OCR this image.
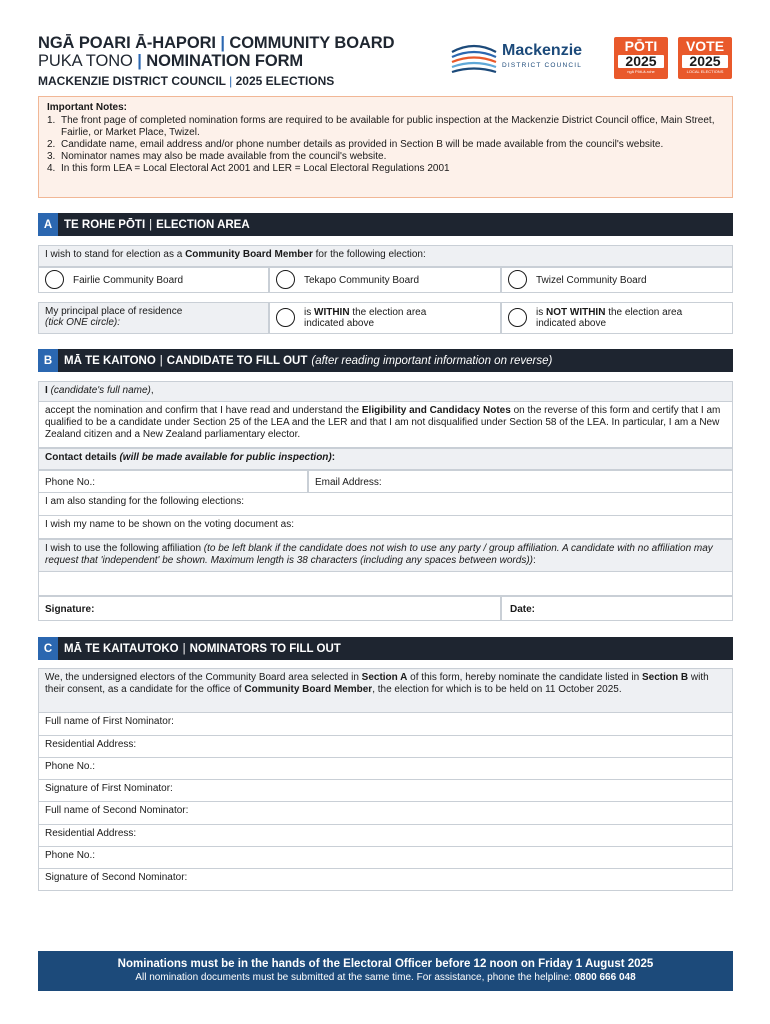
NGĀ POARI Ā-HAPORI | COMMUNITY BOARD
PUKA TONO | NOMINATION FORM
MACKENZIE DISTRICT COUNCIL | 2025 ELECTIONS
Mackenzie
DISTRICT COUNCIL
PŌTI
2025
ngā Pōti-ā-rohe
VOTE
2025
LOCAL ELECTIONS
Important Notes:
1. The front page of completed nomination forms are required to be available for public inspection at the Mackenzie District Council office, Main Street, Fairlie, or Market Place, Twizel.
2. Candidate name, email address and/or phone number details as provided in Section B will be made available from the council's website.
3. Nominator names may also be made available from the council's website.
4. In this form LEA = Local Electoral Act 2001 and LER = Local Electoral Regulations 2001
A	TE ROHE PŌTI | ELECTION AREA
I wish to stand for election as a Community Board Member for the following election:
Fairlie Community Board	Tekapo Community Board	Twizel Community Board
My principal place of residence
(tick ONE circle):
is WITHIN the election area
indicated above
is NOT WITHIN the election area
indicated above
B	MĀ TE KAITONO | CANDIDATE TO FILL OUT (after reading important information on reverse)
I (candidate's full name),
accept the nomination and confirm that I have read and understand the Eligibility and Candidacy Notes on the reverse of this form and certify that I am qualified to be a candidate under Section 25 of the LEA and the LER and that I am not disqualified under Section 58 of the LEA. In particular, I am a New Zealand citizen and a New Zealand parliamentary elector.
Contact details (will be made available for public inspection):
Phone No.:	Email Address:
I am also standing for the following elections:
I wish my name to be shown on the voting document as:
I wish to use the following affiliation (to be left blank if the candidate does not wish to use any party / group affiliation. A candidate with no affiliation may request that 'independent' be shown. Maximum length is 38 characters (including any spaces between words)):
Signature:	Date:
C	MĀ TE KAITAUTOKO | NOMINATORS TO FILL OUT
We, the undersigned electors of the Community Board area selected in Section A of this form, hereby nominate the candidate listed in Section B with their consent, as a candidate for the office of Community Board Member, the election for which is to be held on 11 October 2025.
Full name of First Nominator:
Residential Address:
Phone No.:
Signature of First Nominator:
Full name of Second Nominator:
Residential Address:
Phone No.:
Signature of Second Nominator:
Nominations must be in the hands of the Electoral Officer before 12 noon on Friday 1 August 2025
All nomination documents must be submitted at the same time. For assistance, phone the helpline: 0800 666 048
